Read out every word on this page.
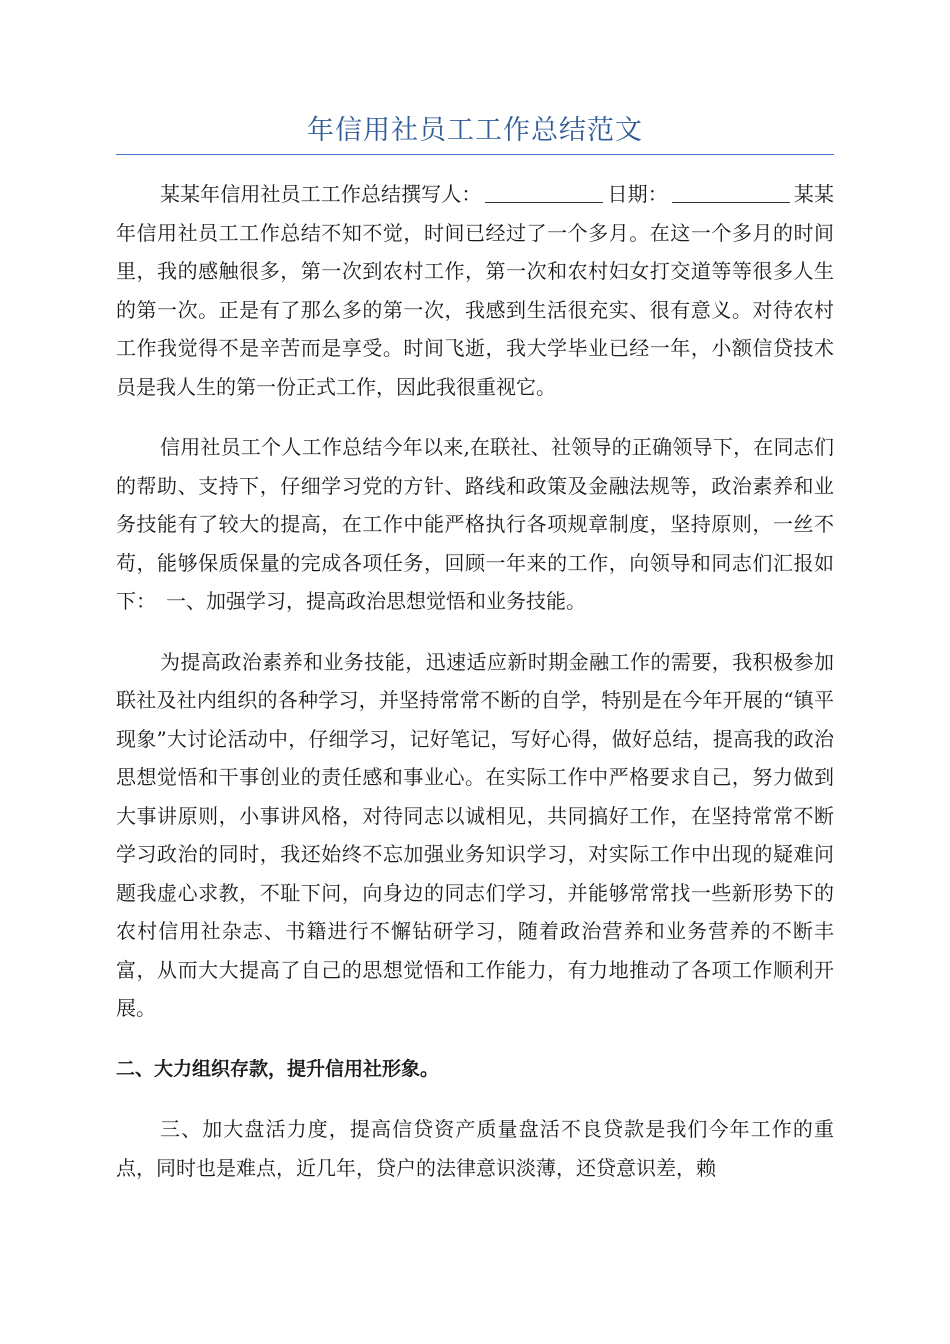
年信用社员工工作总结范文

某某年信用社员工工作总结撰写人：	日期：	某某年信用社员工工作总结不知不觉，时间已经过了一个多月。在这一个多月的时间里，我的感触很多，第一次到农村工作，第一次和农村妇女打交道等等很多人生的第一次。正是有了那么多的第一次，我感到生活很充实、很有意义。对待农村工作我觉得不是辛苦而是享受。时间飞逝，我大学毕业已经一年，小额信贷技术员是我人生的第一份正式工作，因此我很重视它。

信用社员工个人工作总结今年以来,在联社、社领导的正确领导下，在同志们的帮助、支持下，仔细学习党的方针、路线和政策及金融法规等，政治素养和业务技能有了较大的提高，在工作中能严格执行各项规章制度，坚持原则，一丝不苟，能够保质保量的完成各项任务，回顾一年来的工作，向领导和同志们汇报如下：　一、加强学习，提高政治思想觉悟和业务技能。

为提高政治素养和业务技能，迅速适应新时期金融工作的需要，我积极参加联社及社内组织的各种学习，并坚持常常不断的自学，特别是在今年开展的“镇平现象”大讨论活动中，仔细学习，记好笔记，写好心得，做好总结，提高我的政治思想觉悟和干事创业的责任感和事业心。在实际工作中严格要求自己，努力做到大事讲原则，小事讲风格，对待同志以诚相见，共同搞好工作，在坚持常常不断学习政治的同时，我还始终不忘加强业务知识学习，对实际工作中出现的疑难问题我虚心求教，不耻下问，向身边的同志们学习，并能够常常找一些新形势下的农村信用社杂志、书籍进行不懈钻研学习，随着政治营养和业务营养的不断丰富，从而大大提高了自己的思想觉悟和工作能力，有力地推动了各项工作顺利开展。

二、大力组织存款，提升信用社形象。

三、加大盘活力度，提高信贷资产质量盘活不良贷款是我们今年工作的重点，同时也是难点，近几年，贷户的法律意识淡薄，还贷意识差，赖
